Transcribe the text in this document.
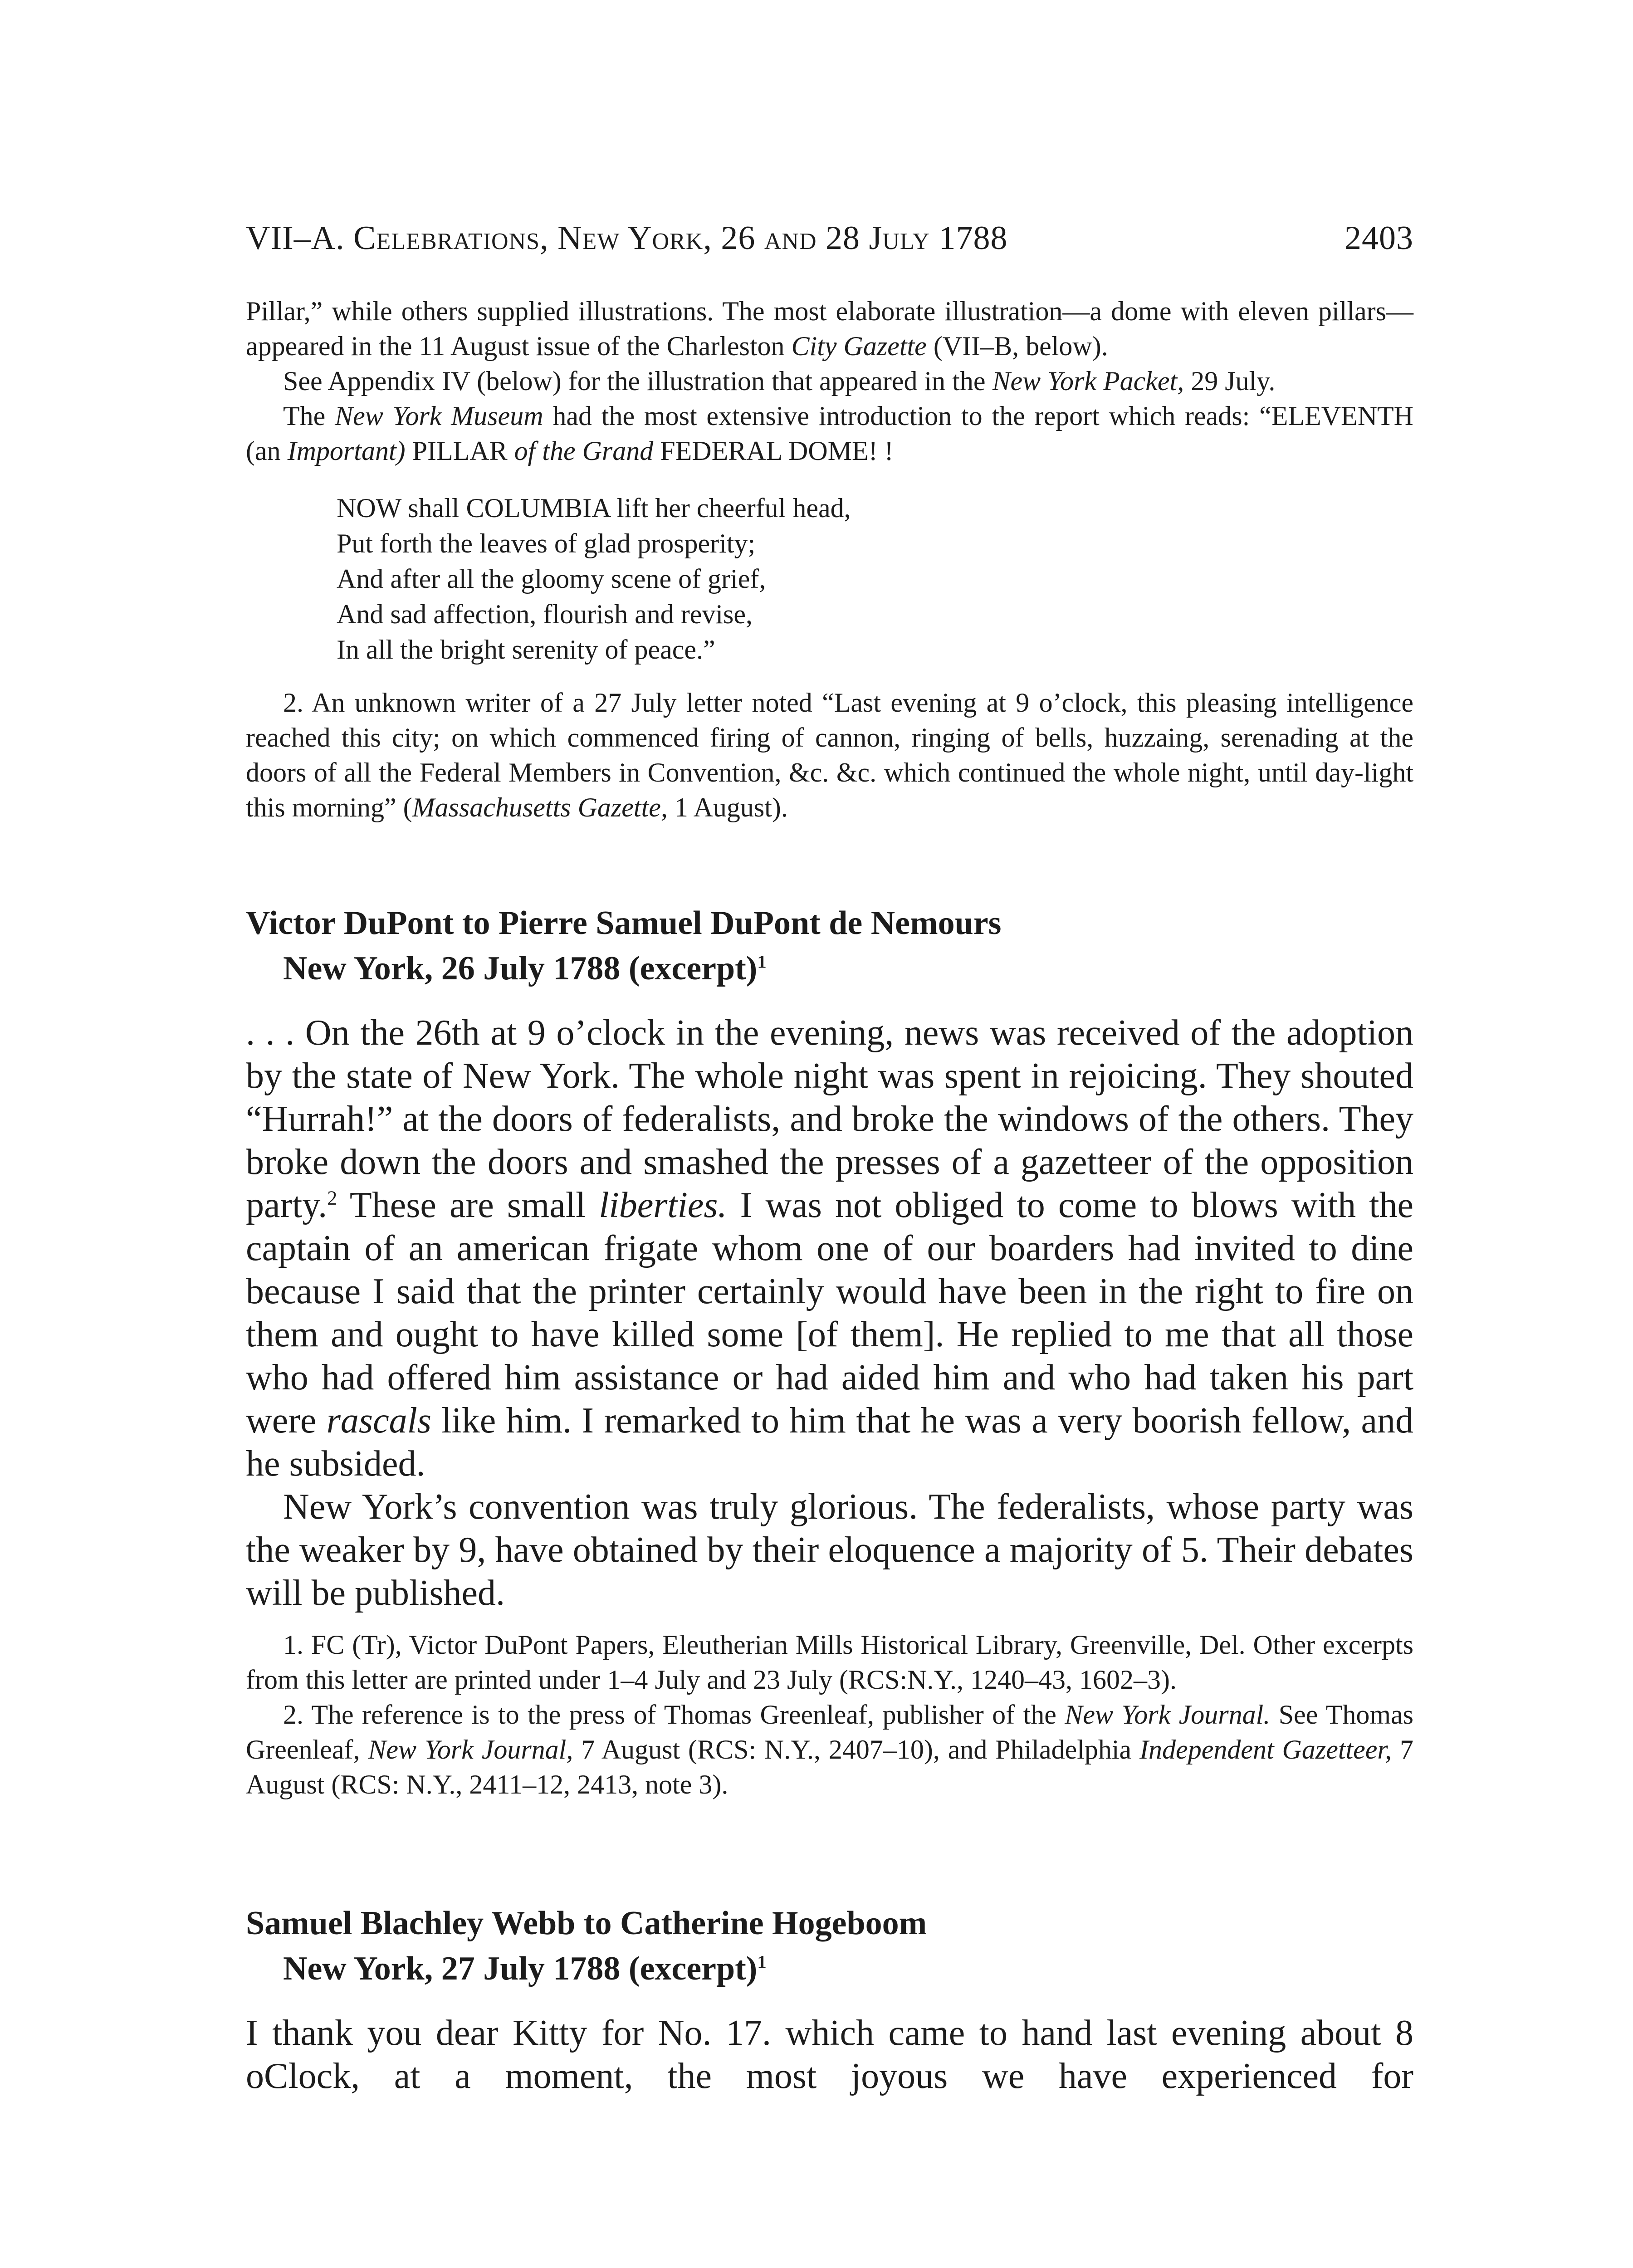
VII–A. Celebrations, New York, 26 and 28 July 1788	2403

Pillar,” while others supplied illustrations. The most elaborate illustration—a dome with eleven pillars—appeared in the 11 August issue of the Charleston City Gazette (VII–B, below).

See Appendix IV (below) for the illustration that appeared in the New York Packet, 29 July.

The New York Museum had the most extensive introduction to the report which reads: “ELEVENTH (an Important) PILLAR of the Grand FEDERAL DOME! !

NOW shall COLUMBIA lift her cheerful head,
Put forth the leaves of glad prosperity;
And after all the gloomy scene of grief,
And sad affection, flourish and revise,
In all the bright serenity of peace.”

2. An unknown writer of a 27 July letter noted “Last evening at 9 o’clock, this pleasing intelligence reached this city; on which commenced firing of cannon, ringing of bells, huzzaing, serenading at the doors of all the Federal Members in Convention, &c. &c. which continued the whole night, until day-light this morning” (Massachusetts Gazette, 1 August).

Victor DuPont to Pierre Samuel DuPont de Nemours
New York, 26 July 1788 (excerpt)$^1$

. . . On the 26th at 9 o’clock in the evening, news was received of the adoption by the state of New York. The whole night was spent in rejoicing. They shouted “Hurrah!” at the doors of federalists, and broke the windows of the others. They broke down the doors and smashed the presses of a gazetteer of the opposition party.$^2$ These are small liberties. I was not obliged to come to blows with the captain of an american frigate whom one of our boarders had invited to dine because I said that the printer certainly would have been in the right to fire on them and ought to have killed some [of them]. He replied to me that all those who had offered him assistance or had aided him and who had taken his part were rascals like him. I remarked to him that he was a very boorish fellow, and he subsided.

New York’s convention was truly glorious. The federalists, whose party was the weaker by 9, have obtained by their eloquence a majority of 5. Their debates will be published.

1. FC (Tr), Victor DuPont Papers, Eleutherian Mills Historical Library, Greenville, Del. Other excerpts from this letter are printed under 1–4 July and 23 July (RCS:N.Y., 1240–43, 1602–3).

2. The reference is to the press of Thomas Greenleaf, publisher of the New York Journal. See Thomas Greenleaf, New York Journal, 7 August (RCS: N.Y., 2407–10), and Philadelphia Independent Gazetteer, 7 August (RCS: N.Y., 2411–12, 2413, note 3).

Samuel Blachley Webb to Catherine Hogeboom
New York, 27 July 1788 (excerpt)$^1$

I thank you dear Kitty for No. 17. which came to hand last evening about 8 oClock, at a moment, the most joyous we have experienced for
